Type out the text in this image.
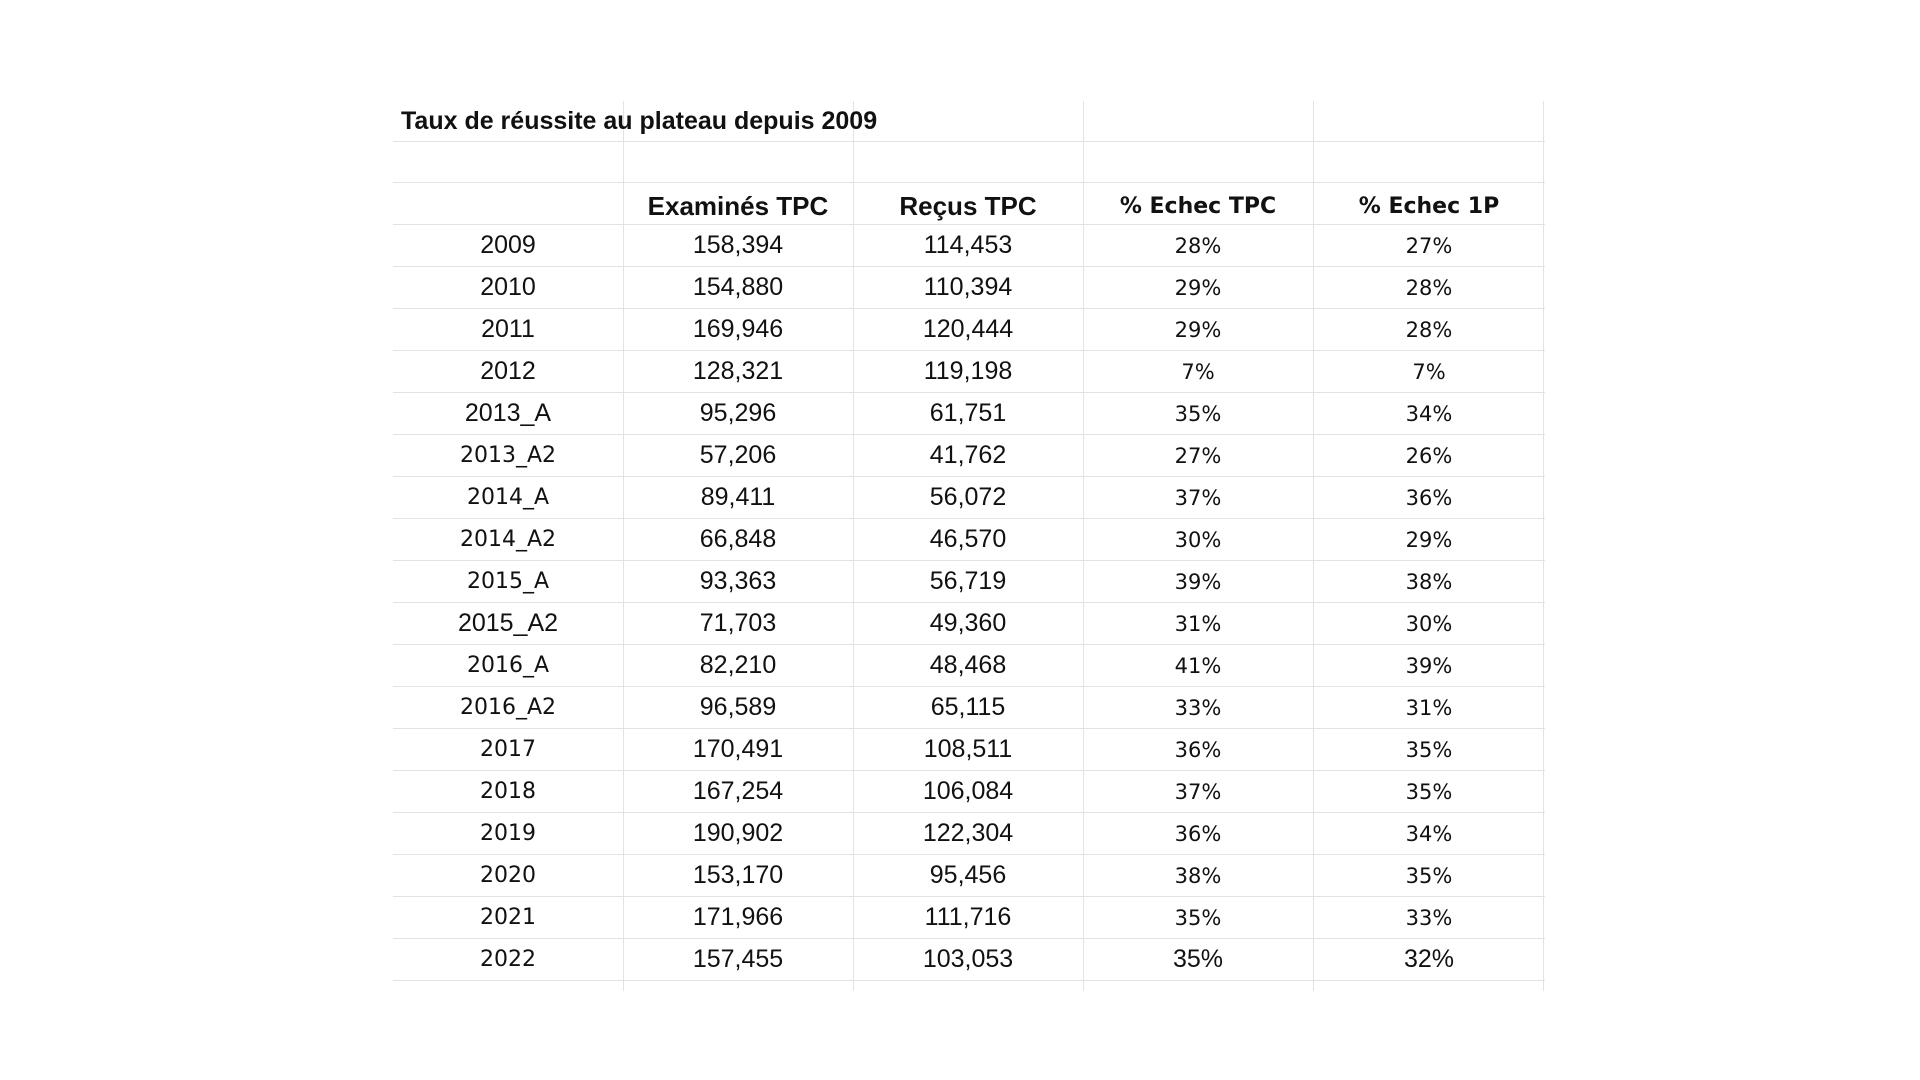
Taux de réussite au plateau depuis 2009				

	Examinés TPC	Reçus TPC	% Echec TPC	% Echec 1P
2009	158,394	114,453	28%	27%
2010	154,880	110,394	29%	28%
2011	169,946	120,444	29%	28%
2012	128,321	119,198	7%	7%
2013_A	95,296	61,751	35%	34%
2013_A2	57,206	41,762	27%	26%
2014_A	89,411	56,072	37%	36%
2014_A2	66,848	46,570	30%	29%
2015_A	93,363	56,719	39%	38%
2015_A2	71,703	49,360	31%	30%
2016_A	82,210	48,468	41%	39%
2016_A2	96,589	65,115	33%	31%
2017	170,491	108,511	36%	35%
2018	167,254	106,084	37%	35%
2019	190,902	122,304	36%	34%
2020	153,170	95,456	38%	35%
2021	171,966	111,716	35%	33%
2022	157,455	103,053	35%	32%
